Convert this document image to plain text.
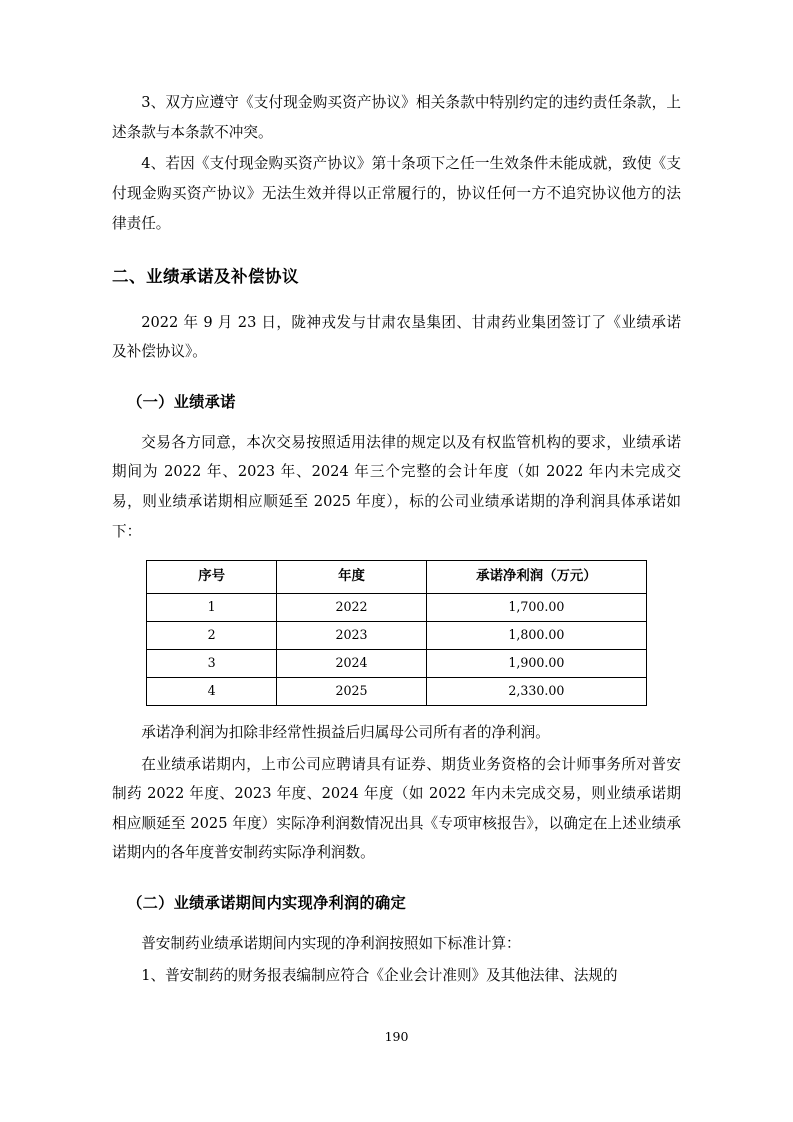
3、双方应遵守《支付现金购买资产协议》相关条款中特别约定的违约责任条款，上述条款与本条款不冲突。

4、若因《支付现金购买资产协议》第十条项下之任一生效条件未能成就，致使《支付现金购买资产协议》无法生效并得以正常履行的，协议任何一方不追究协议他方的法律责任。

二、业绩承诺及补偿协议

2022 年 9 月 23 日，陇神戎发与甘肃农垦集团、甘肃药业集团签订了《业绩承诺及补偿协议》。

（一）业绩承诺

交易各方同意，本次交易按照适用法律的规定以及有权监管机构的要求，业绩承诺期间为 2022 年、2023 年、2024 年三个完整的会计年度（如 2022 年内未完成交易，则业绩承诺期相应顺延至 2025 年度），标的公司业绩承诺期的净利润具体承诺如下：

序号	年度	承诺净利润（万元）
1	2022	1,700.00
2	2023	1,800.00
3	2024	1,900.00
4	2025	2,330.00

承诺净利润为扣除非经常性损益后归属母公司所有者的净利润。

在业绩承诺期内，上市公司应聘请具有证券、期货业务资格的会计师事务所对普安制药 2022 年度、2023 年度、2024 年度（如 2022 年内未完成交易，则业绩承诺期相应顺延至 2025 年度）实际净利润数情况出具《专项审核报告》，以确定在上述业绩承诺期内的各年度普安制药实际净利润数。

（二）业绩承诺期间内实现净利润的确定

普安制药业绩承诺期间内实现的净利润按照如下标准计算：

1、普安制药的财务报表编制应符合《企业会计准则》及其他法律、法规的

190
